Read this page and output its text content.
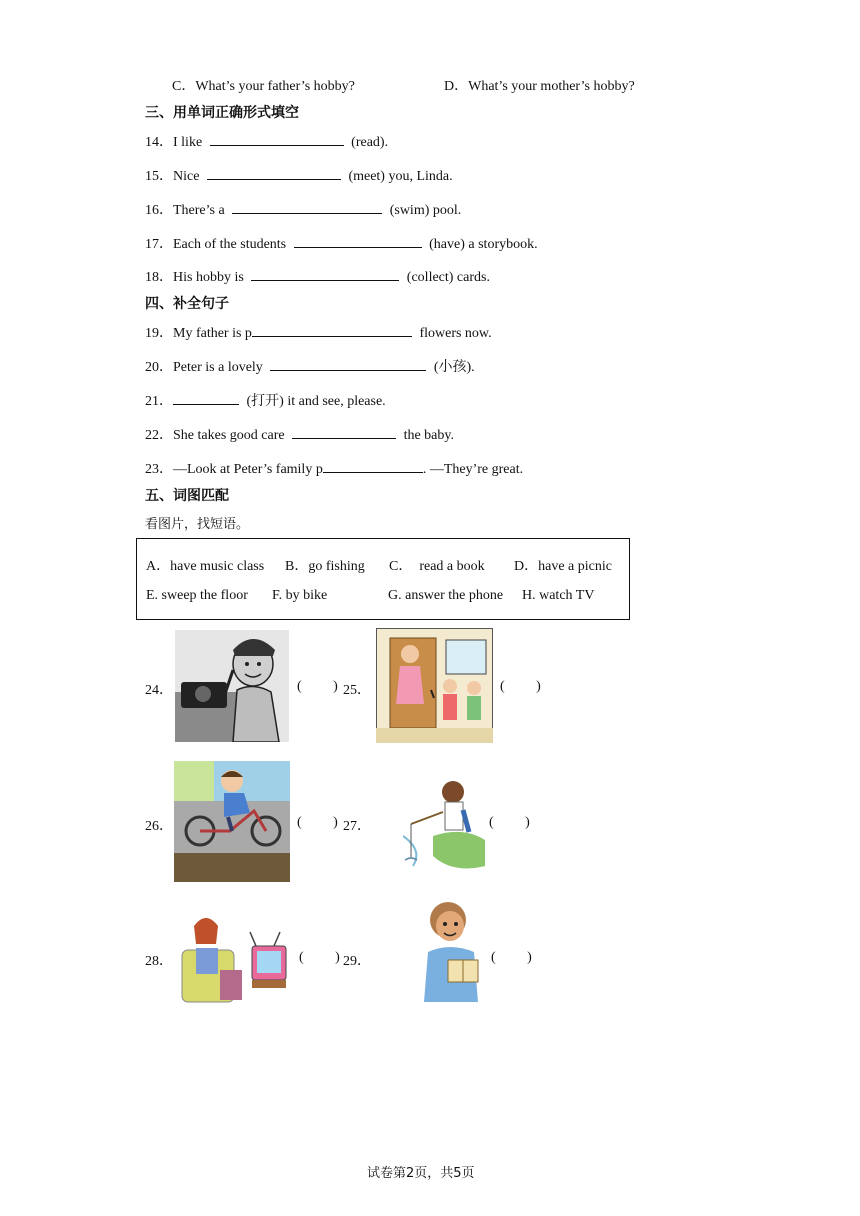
C．What’s your father’s hobby?	D．What’s your mother’s hobby?
三、用单词正确形式填空
14．I like	(read).
15．Nice	(meet) you, Linda.
16．There’s a	(swim) pool.
17．Each of the students	(have) a storybook.
18．His hobby is	(collect) cards.
四、补全句子
19．My father is p	flowers now.
20．Peter is a lovely	(小孩).
21．	(打开) it and see, please.
22．She takes good care	the baby.
23．—Look at Peter’s family p	. —They’re great.
五、词图匹配
看图片，找短语。
A．have music class B．go fishing C．  read a book D．have a picnic
E. sweep the floor F. by bike	G. answer the phone H. watch TV
24．	(         ) 25．	(         )
26．	(         ) 27．	(         )
28．	(         ) 29．	(         )
试卷第2页，共5页
